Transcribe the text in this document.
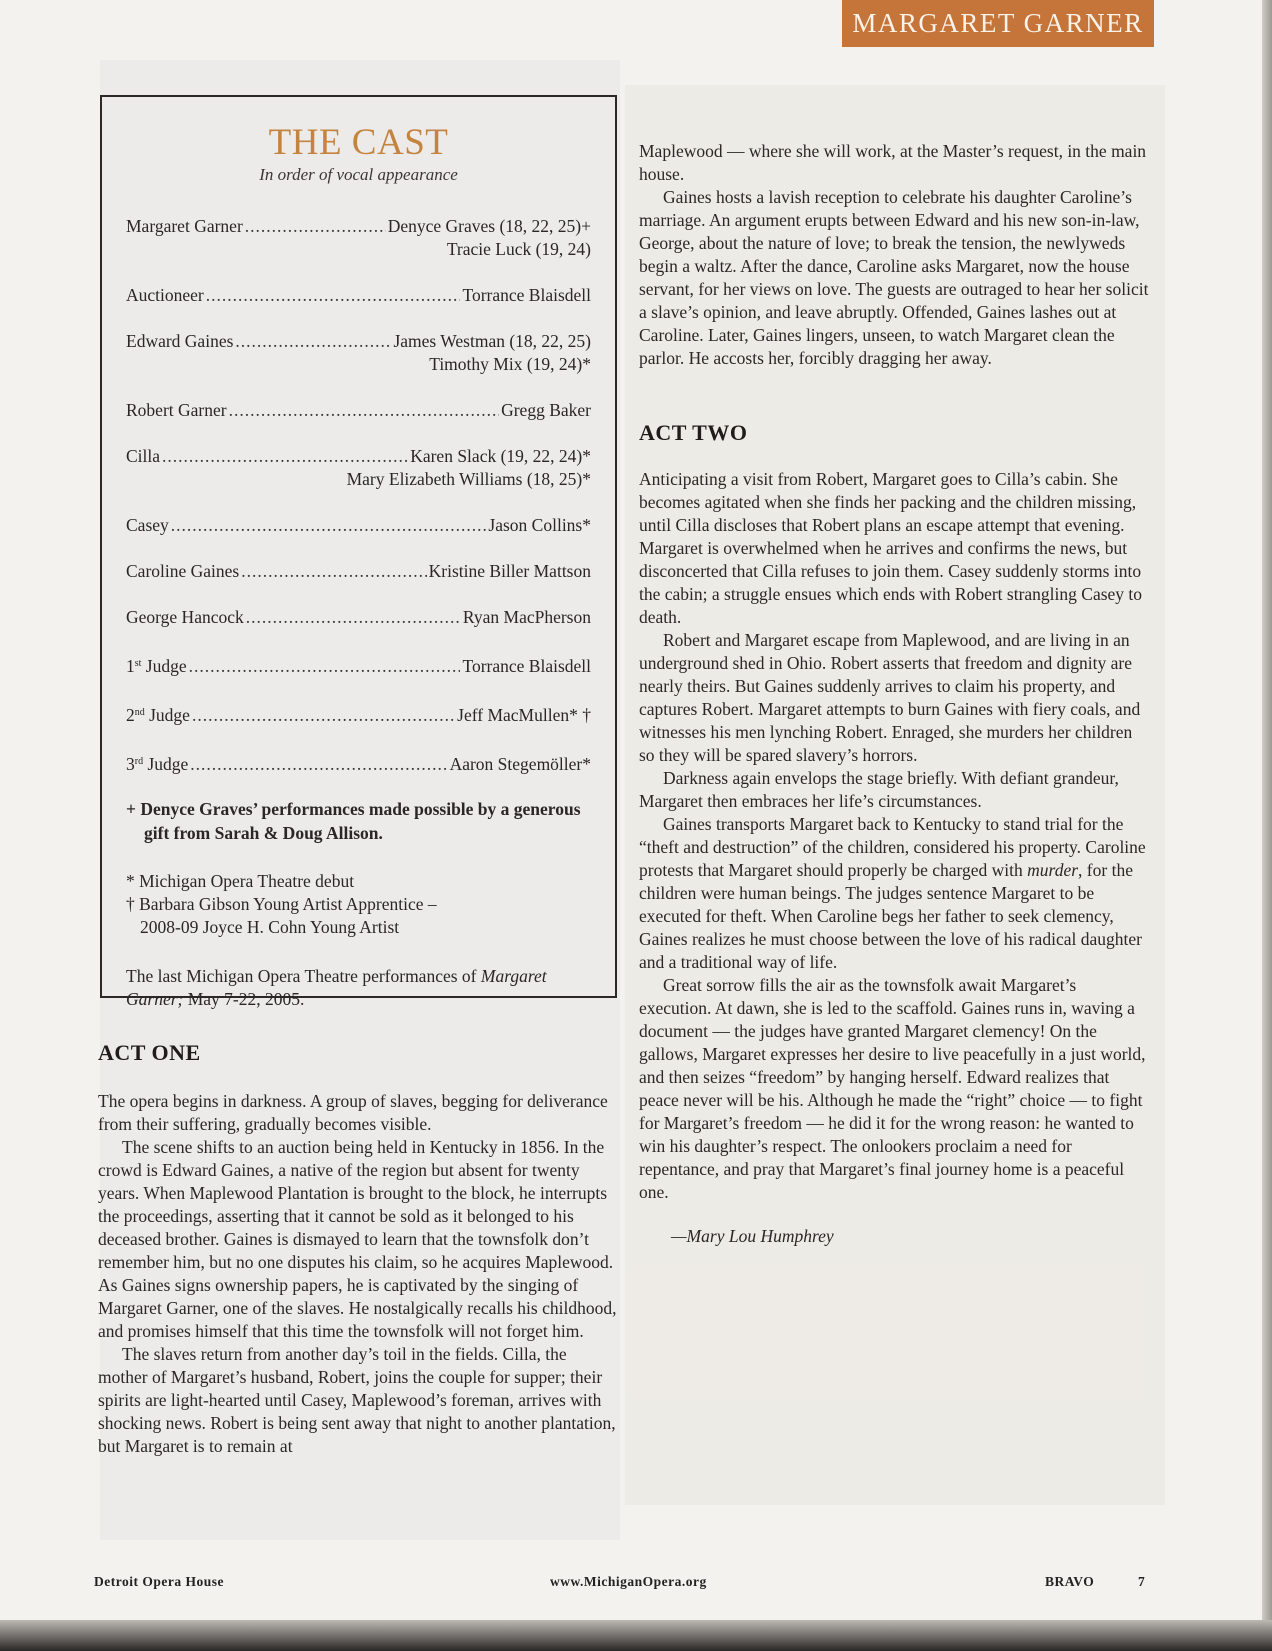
MARGARET GARNER
THE CAST
In order of vocal appearance
Margaret Garner .....	Denyce Graves (18, 22, 25)+
Tracie Luck (19, 24)
Auctioneer .....	Torrance Blaisdell
Edward Gaines .....	James Westman (18, 22, 25)
Timothy Mix (19, 24)*
Robert Garner .....	Gregg Baker
Cilla .....	Karen Slack (19, 22, 24)*
Mary Elizabeth Williams (18, 25)*
Casey .....	Jason Collins*
Caroline Gaines .....	Kristine Biller Mattson
George Hancock .....	Ryan MacPherson
1st Judge .....	Torrance Blaisdell
2nd Judge .....	Jeff MacMullen* †
3rd Judge .....	Aaron Stegemöller*
+ Denyce Graves’ performances made possible by a generous gift from Sarah & Doug Allison.
* Michigan Opera Theatre debut
† Barbara Gibson Young Artist Apprentice –
2008-09 Joyce H. Cohn Young Artist
The last Michigan Opera Theatre performances of Margaret Garner; May 7-22, 2005.
ACT ONE

The opera begins in darkness. A group of slaves, begging for deliverance from their suffering, gradually becomes visible.

The scene shifts to an auction being held in Kentucky in 1856. In the crowd is Edward Gaines, a native of the region but absent for twenty years. When Maplewood Plantation is brought to the block, he interrupts the proceedings, asserting that it cannot be sold as it belonged to his deceased brother. Gaines is dismayed to learn that the townsfolk don’t remember him, but no one disputes his claim, so he acquires Maplewood. As Gaines signs ownership papers, he is captivated by the singing of Margaret Garner, one of the slaves. He nostalgically recalls his childhood, and promises himself that this time the townsfolk will not forget him.

The slaves return from another day’s toil in the fields. Cilla, the mother of Margaret’s husband, Robert, joins the couple for supper; their spirits are light-hearted until Casey, Maplewood’s foreman, arrives with shocking news. Robert is being sent away that night to another plantation, but Margaret is to remain at

Maplewood — where she will work, at the Master’s request, in the main house.

Gaines hosts a lavish reception to celebrate his daughter Caroline’s marriage. An argument erupts between Edward and his new son-in-law, George, about the nature of love; to break the tension, the newlyweds begin a waltz. After the dance, Caroline asks Margaret, now the house servant, for her views on love. The guests are outraged to hear her solicit a slave’s opinion, and leave abruptly. Offended, Gaines lashes out at Caroline. Later, Gaines lingers, unseen, to watch Margaret clean the parlor. He accosts her, forcibly dragging her away.

ACT TWO

Anticipating a visit from Robert, Margaret goes to Cilla’s cabin. She becomes agitated when she finds her packing and the children missing, until Cilla discloses that Robert plans an escape attempt that evening. Margaret is overwhelmed when he arrives and confirms the news, but disconcerted that Cilla refuses to join them. Casey suddenly storms into the cabin; a struggle ensues which ends with Robert strangling Casey to death.

Robert and Margaret escape from Maplewood, and are living in an underground shed in Ohio. Robert asserts that freedom and dignity are nearly theirs. But Gaines suddenly arrives to claim his property, and captures Robert. Margaret attempts to burn Gaines with fiery coals, and witnesses his men lynching Robert. Enraged, she murders her children so they will be spared slavery’s horrors.

Darkness again envelops the stage briefly. With defiant grandeur, Margaret then embraces her life’s circumstances.

Gaines transports Margaret back to Kentucky to stand trial for the “theft and destruction” of the children, considered his property. Caroline protests that Margaret should properly be charged with murder, for the children were human beings. The judges sentence Margaret to be executed for theft. When Caroline begs her father to seek clemency, Gaines realizes he must choose between the love of his radical daughter and a traditional way of life.

Great sorrow fills the air as the townsfolk await Margaret’s execution. At dawn, she is led to the scaffold. Gaines runs in, waving a document — the judges have granted Margaret clemency! On the gallows, Margaret expresses her desire to live peacefully in a just world, and then seizes “freedom” by hanging herself. Edward realizes that peace never will be his. Although he made the “right” choice — to fight for Margaret’s freedom — he did it for the wrong reason: he wanted to win his daughter’s respect. The onlookers proclaim a need for repentance, and pray that Margaret’s final journey home is a peaceful one.

—Mary Lou Humphrey
Detroit Opera House	www.MichiganOpera.org	BRAVO	7
